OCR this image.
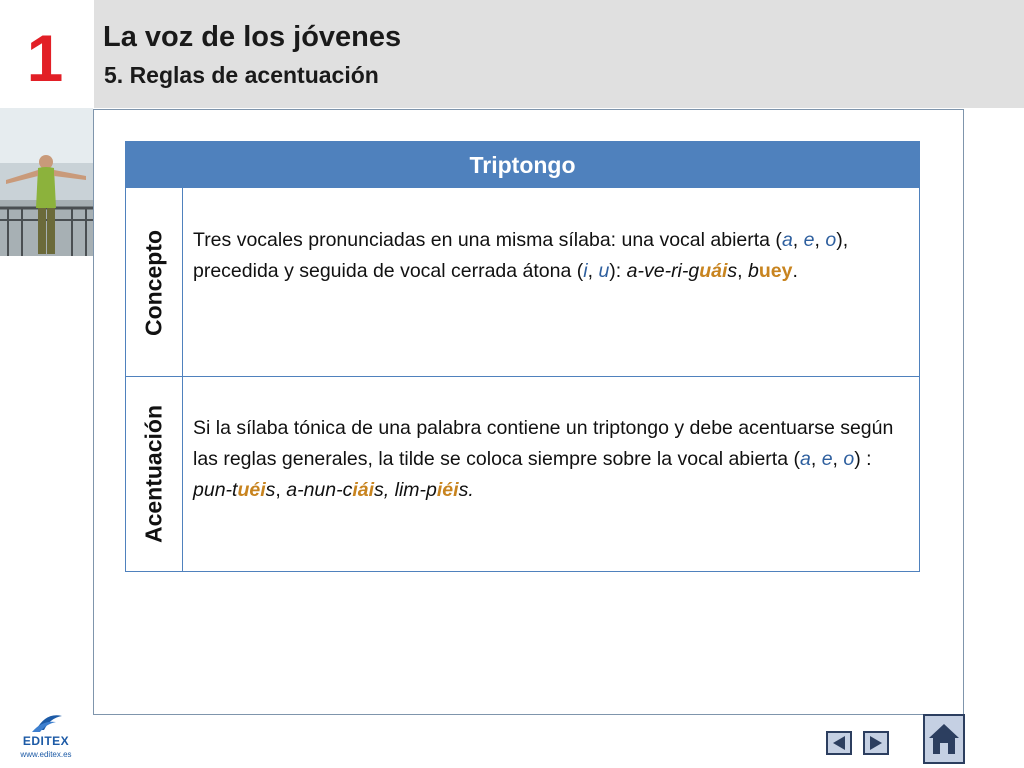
1 La voz de los jóvenes
5. Reglas de acentuación
Triptongo
Concepto Tres vocales pronunciadas en una misma sílaba: una vocal abierta (a, e, o), precedida y seguida de vocal cerrada átona (i, u): a-ve-ri-guáis, buey.
Acentuación Si la sílaba tónica de una palabra contiene un triptongo y debe acentuarse según las reglas generales, la tilde se coloca siempre sobre la vocal abierta (a, e, o) : pun-tuéis, a-nun-ciáis, lim-piéis.
EDITEX
www.editex.es
